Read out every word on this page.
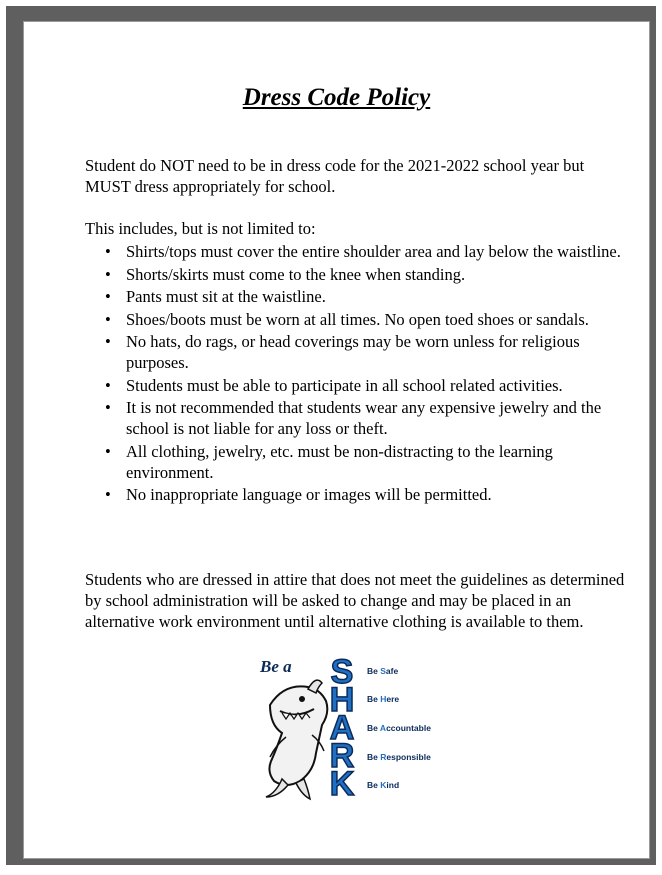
Dress Code Policy
Student do NOT need to be in dress code for the 2021-2022 school year but MUST dress appropriately for school.
This includes, but is not limited to:
• Shirts/tops must cover the entire shoulder area and lay below the waistline.
• Shorts/skirts must come to the knee when standing.
• Pants must sit at the waistline.
• Shoes/boots must be worn at all times. No open toed shoes or sandals.
• No hats, do rags, or head coverings may be worn unless for religious purposes.
• Students must be able to participate in all school related activities.
• It is not recommended that students wear any expensive jewelry and the school is not liable for any loss or theft.
• All clothing, jewelry, etc. must be non-distracting to the learning environment.
• No inappropriate language or images will be permitted.
Students who are dressed in attire that does not meet the guidelines as determined by school administration will be asked to change and may be placed in an alternative work environment until alternative clothing is available to them.
Be a S
H
A
R
K
Be Safe
Be Here
Be Accountable
Be Responsible
Be Kind
